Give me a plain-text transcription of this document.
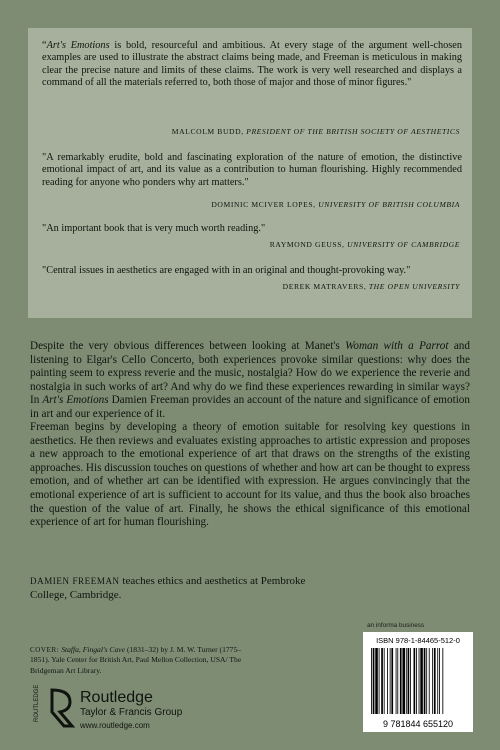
“Art's Emotions is bold, resourceful and ambitious. At every stage of the argument well-chosen examples are used to illustrate the abstract claims being made, and Freeman is meticulous in making clear the precise nature and limits of these claims. The work is very well researched and displays a command of all the materials referred to, both those of major and those of minor figures."

MALCOLM BUDD, PRESIDENT OF THE BRITISH SOCIETY OF AESTHETICS

"A remarkably erudite, bold and fascinating exploration of the nature of emotion, the distinctive emotional impact of art, and its value as a contribution to human flourishing. Highly recommended reading for anyone who ponders why art matters."

DOMINIC MCIVER LOPES, UNIVERSITY OF BRITISH COLUMBIA

"An important book that is very much worth reading."

RAYMOND GEUSS, UNIVERSITY OF CAMBRIDGE

"Central issues in aesthetics are engaged with in an original and thought-provoking way."

DEREK MATRAVERS, THE OPEN UNIVERSITY

Despite the very obvious differences between looking at Manet's Woman with a Parrot and listening to Elgar's Cello Concerto, both experiences provoke similar questions: why does the painting seem to express reverie and the music, nostalgia? How do we experience the reverie and nostalgia in such works of art? And why do we find these experiences rewarding in similar ways? In Art's Emotions Damien Freeman provides an account of the nature and significance of emotion in art and our experience of it.

Freeman begins by developing a theory of emotion suitable for resolving key questions in aesthetics. He then reviews and evaluates existing approaches to artistic expression and proposes a new approach to the emotional experience of art that draws on the strengths of the existing approaches. His discussion touches on questions of whether and how art can be thought to express emotion, and of whether art can be identified with expression. He argues convincingly that the emotional experience of art is sufficient to account for its value, and thus the book also broaches the question of the value of art. Finally, he shows the ethical significance of this emotional experience of art for human flourishing.

DAMIEN FREEMAN teaches ethics and aesthetics at Pembroke College, Cambridge.
COVER: Staffa, Fingal's Cave (1831–32) by J. M. W. Turner (1775–1851). Yale Center for British Art, Paul Mellon Collection, USA/ The Bridgeman Art Library.
ROUTLEDGE	Routledge
Taylor & Francis Group
www.routledge.com
an informa business
ISBN 978-1-84465-512-0
9 781844 655120
